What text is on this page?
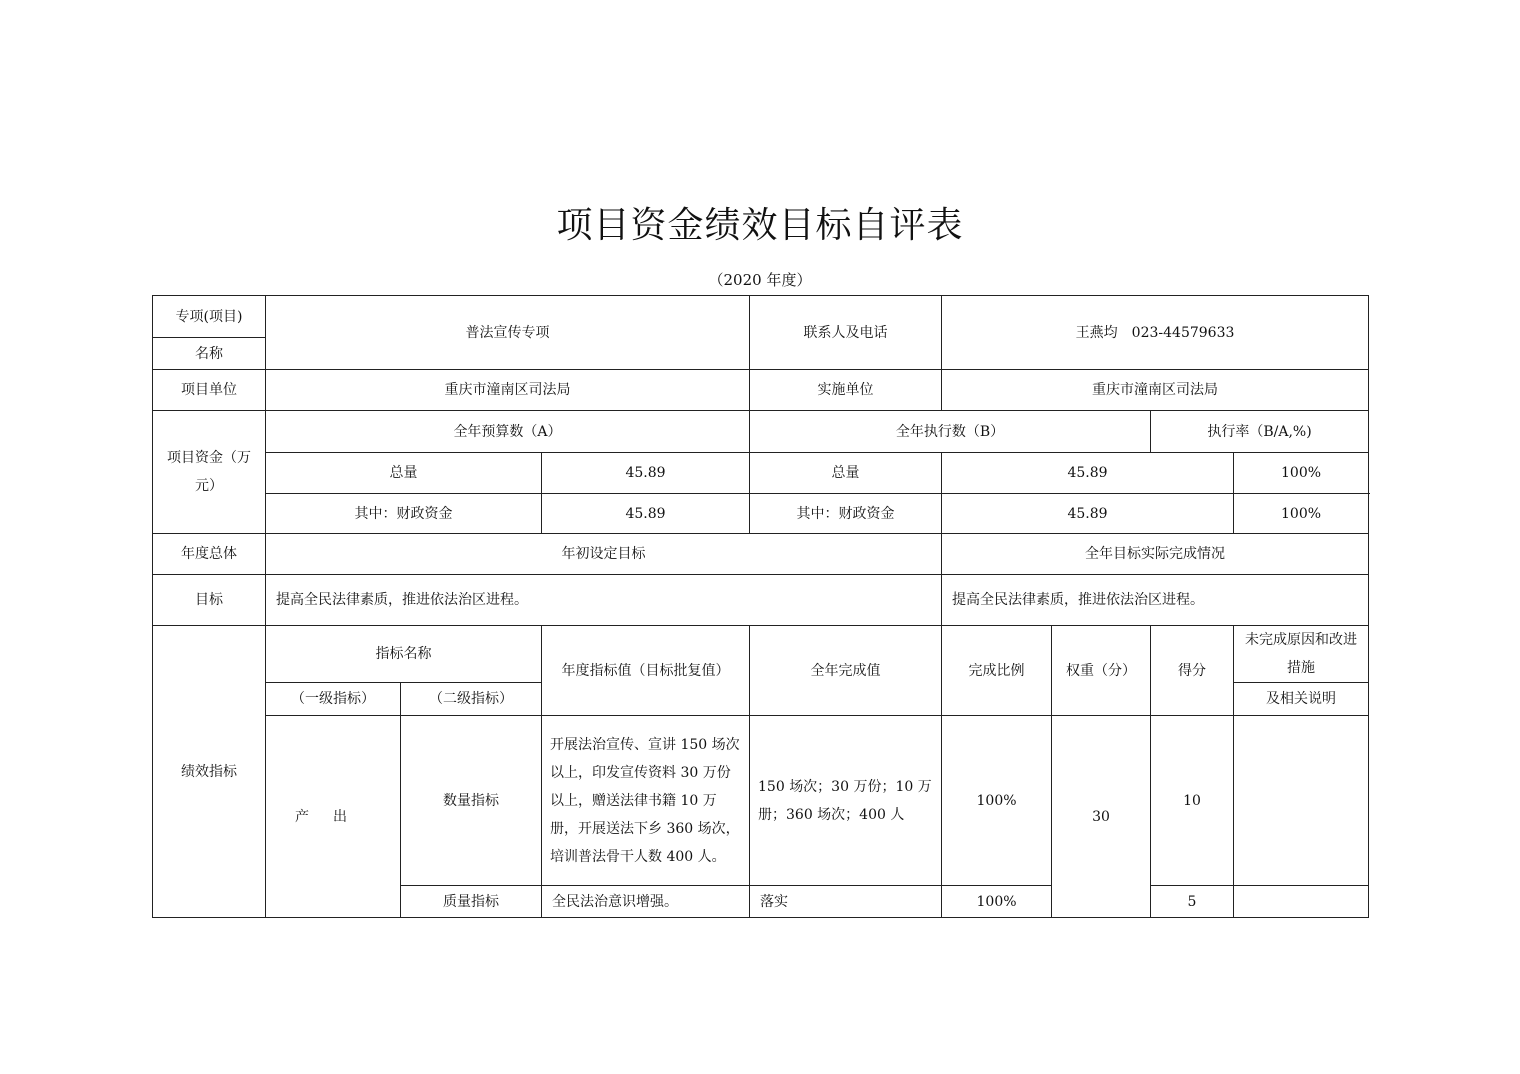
项目资金绩效目标自评表
（2020 年度）
专项(项目)	普法宣传专项			联系人及电话	王燕均　023-44579633			
名称								
项目单位	重庆市潼南区司法局			实施单位	重庆市潼南区司法局			
项目资金（万元）	全年预算数（A）			全年执行数（B）			执行率（B/A,%)	
	总量		45.89	总量	45.89			100%
	其中：财政资金		45.89	其中：财政资金	45.89			100%
年度总体	年初设定目标				全年目标实际完成情况			
目标	提高全民法律素质，推进依法治区进程。				提高全民法律素质，推进依法治区进程。			
绩效指标	指标名称		年度指标值（目标批复值）	全年完成值	完成比例	权重（分）	得分	未完成原因和改进措施
	（一级指标）	（二级指标）						及相关说明
	产出	数量指标	开展法治宣传、宣讲 150 场次以上，印发宣传资料 30 万份以上，赠送法律书籍 10 万册，开展送法下乡 360 场次，培训普法骨干人数 400 人。	150 场次；30 万份；10 万册；360 场次；400 人	100%	30	10	
		质量指标	全民法治意识增强。	落实	100%		5	
